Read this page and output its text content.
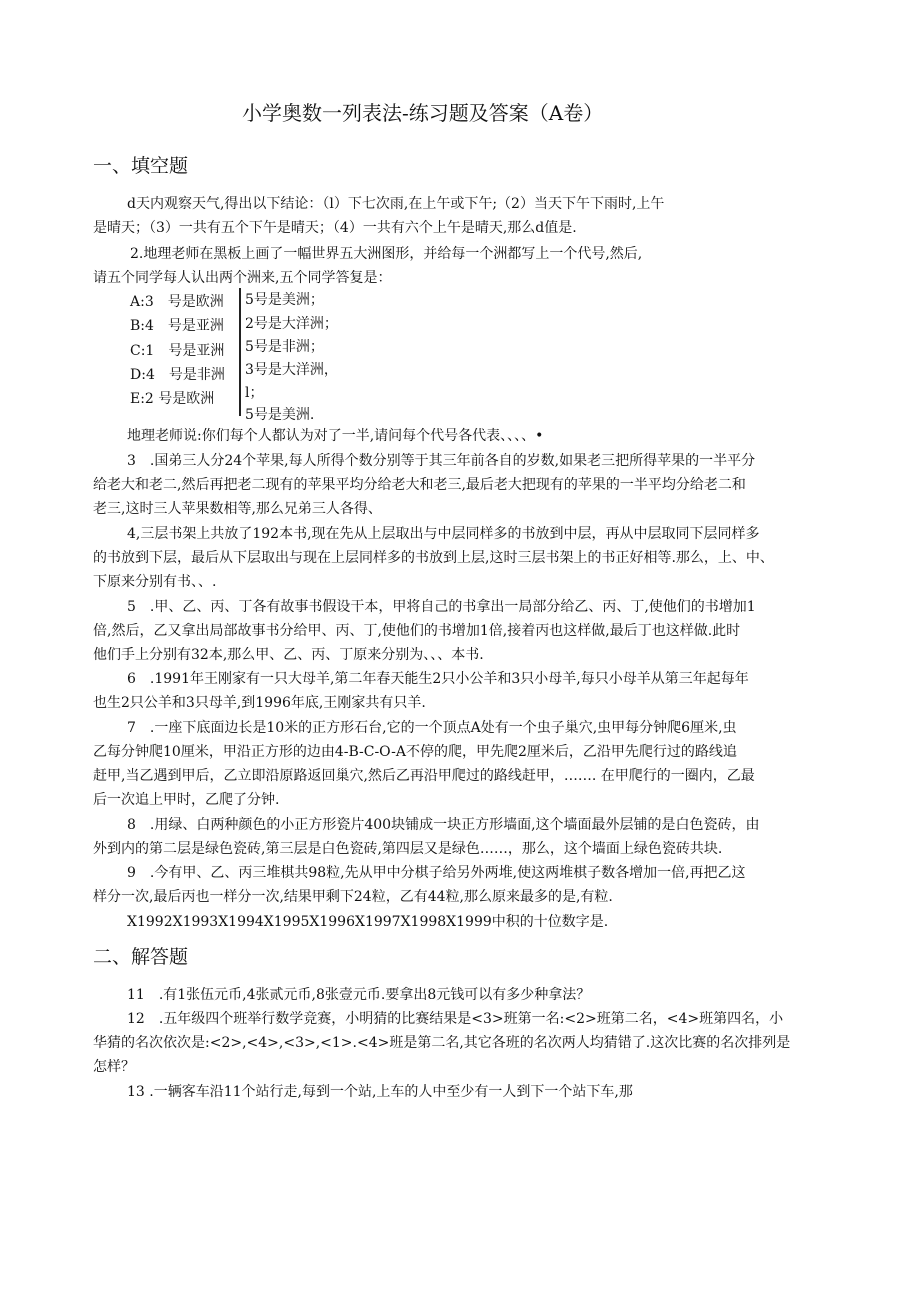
小学奥数一列表法-练习题及答案（A卷）
一、填空题
d天内观察天气,得出以下结论：（l）下七次雨,在上午或下午;（2）当天下午下雨时,上午
是晴天；（3）一共有五个下午是晴天；（4）一共有六个上午是晴天,那么d值是.
2.地理老师在黑板上画了一幅世界五大洲图形，并给每一个洲都写上一个代号,然后,
请五个同学每人认出两个洲来,五个同学答复是：
A:3　号是欧洲
B:4　号是亚洲
C:1　号是亚洲
D:4　号是非洲
E:2 号是欧洲
5号是美洲；
2号是大洋洲；
5号是非洲；
3号是大洋洲，
l；
5号是美洲.
地理老师说:你们每个人都认为对了一半,请问每个代号各代表、、、、•
3　.国弟三人分24个苹果,每人所得个数分别等于其三年前各自的岁数,如果老三把所得苹果的一半平分
给老大和老二,然后再把老二现有的苹果平均分给老大和老三,最后老大把现有的苹果的一半平均分给老二和
老三,这时三人苹果数相等,那么兄弟三人各得、
4,三层书架上共放了192本书,现在先从上层取出与中层同样多的书放到中层，再从中层取同下层同样多
的书放到下层，最后从下层取出与现在上层同样多的书放到上层,这时三层书架上的书正好相等.那么，上、中、
下原来分别有书、、.
5　.甲、乙、丙、丁各有故事书假设干本，甲将自己的书拿出一局部分给乙、丙、丁,使他们的书增加1
倍,然后，乙又拿出局部故事书分给甲、丙、丁,使他们的书增加1倍,接着丙也这样做,最后丁也这样做.此时
他们手上分别有32本,那么甲、乙、丙、丁原来分别为、、、本书.
6　.1991年王刚家有一只大母羊,第二年春天能生2只小公羊和3只小母羊,每只小母羊从第三年起每年
也生2只公羊和3只母羊,到1996年底,王刚家共有只羊.
7　.一座下底面边长是10米的正方形石台,它的一个顶点A处有一个虫子巢穴,虫甲每分钟爬6厘米,虫
乙每分钟爬10厘米，甲沿正方形的边由4-B-C-O-A不停的爬，甲先爬2厘米后，乙沿甲先爬行过的路线追
赶甲,当乙遇到甲后，乙立即沿原路返回巢穴,然后乙再沿甲爬过的路线赶甲，……. 在甲爬行的一圈内，乙最
后一次追上甲时，乙爬了分钟.
8　.用绿、白两种颜色的小正方形瓷片400块铺成一块正方形墙面,这个墙面最外层铺的是白色瓷砖，由
外到内的第二层是绿色瓷砖,第三层是白色瓷砖,第四层又是绿色……，那么，这个墙面上绿色瓷砖共块.
9　.今有甲、乙、丙三堆棋共98粒,先从甲中分棋子给另外两堆,使这两堆棋子数各增加一倍,再把乙这
样分一次,最后丙也一样分一次,结果甲剩下24粒，乙有44粒,那么原来最多的是,有粒.
X1992X1993X1994X1995X1996X1997X1998X1999中积的十位数字是.
二、解答题
11　.有1张伍元币,4张贰元币,8张壹元币.要拿出8元钱可以有多少种拿法？
12　.五年级四个班举行数学竞赛，小明猜的比赛结果是<3>班第一名:<2>班第二名，<4>班第四名，小
华猜的名次依次是:<2>,<4>,<3>,<1>.<4>班是第二名,其它各班的名次两人均猜错了.这次比赛的名次排列是
怎样？
13 .一辆客车沿11个站行走,每到一个站,上车的人中至少有一人到下一个站下车,那
